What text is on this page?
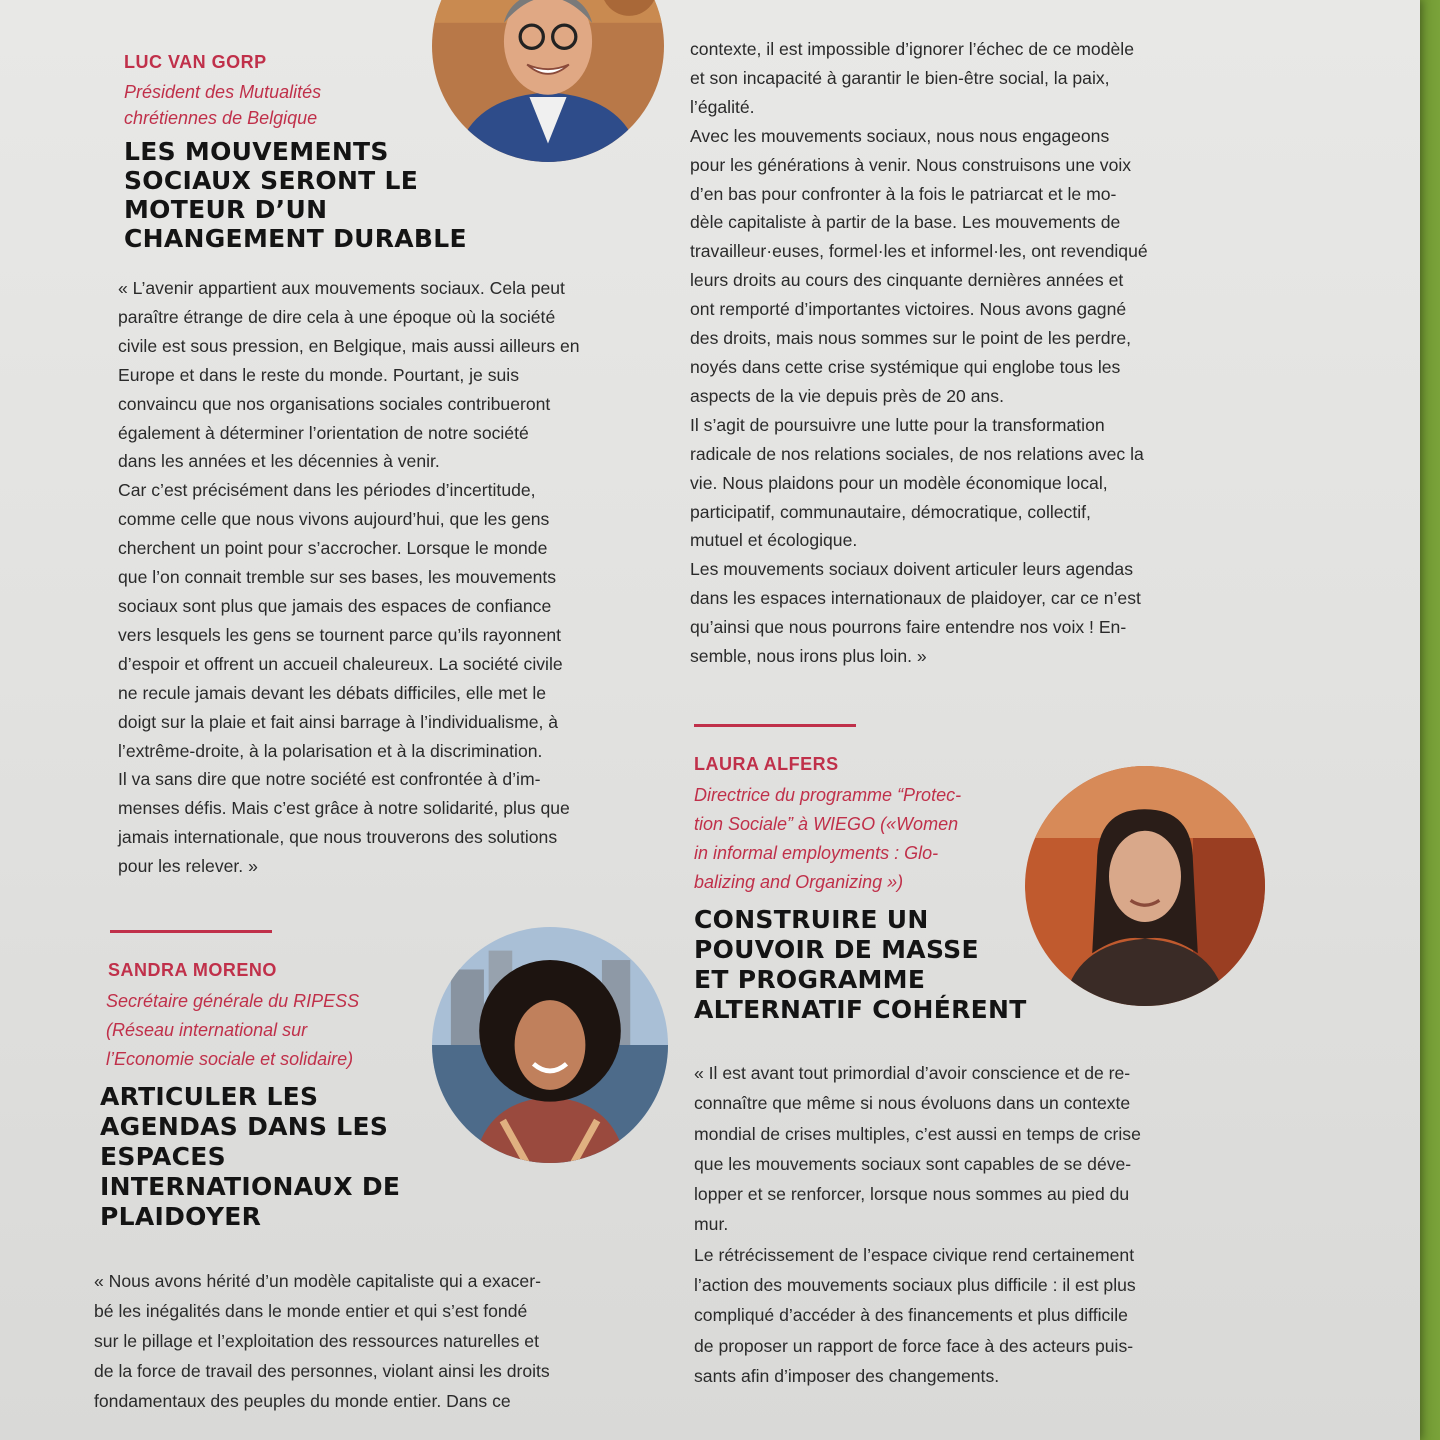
LUC VAN GORP

Président des Mutualités
chrétiennes de Belgique

LES MOUVEMENTS
SOCIAUX SERONT LE
MOTEUR D’UN
CHANGEMENT DURABLE

« L’avenir appartient aux mouvements sociaux. Cela peut
paraître étrange de dire cela à une époque où la société
civile est sous pression, en Belgique, mais aussi ailleurs en
Europe et dans le reste du monde. Pourtant, je suis
convaincu que nos organisations sociales contribueront
également à déterminer l’orientation de notre société
dans les années et les décennies à venir.
Car c’est précisément dans les périodes d’incertitude,
comme celle que nous vivons aujourd’hui, que les gens
cherchent un point pour s’accrocher. Lorsque le monde
que l’on connait tremble sur ses bases, les mouvements
sociaux sont plus que jamais des espaces de confiance
vers lesquels les gens se tournent parce qu’ils rayonnent
d’espoir et offrent un accueil chaleureux. La société civile
ne recule jamais devant les débats difficiles, elle met le
doigt sur la plaie et fait ainsi barrage à l’individualisme, à
l’extrême-droite, à la polarisation et à la discrimination.
Il va sans dire que notre société est confrontée à d’im-
menses défis. Mais c’est grâce à notre solidarité, plus que
jamais internationale, que nous trouverons des solutions
pour les relever. »

SANDRA MORENO

Secrétaire générale du RIPESS
(Réseau international sur
l’Economie sociale et solidaire)

ARTICULER LES
AGENDAS DANS LES
ESPACES
INTERNATIONAUX DE
PLAIDOYER

« Nous avons hérité d’un modèle capitaliste qui a exacer-
bé les inégalités dans le monde entier et qui s’est fondé
sur le pillage et l’exploitation des ressources naturelles et
de la force de travail des personnes, violant ainsi les droits
fondamentaux des peuples du monde entier. Dans ce

contexte, il est impossible d’ignorer l’échec de ce modèle
et son incapacité à garantir le bien-être social, la paix,
l’égalité.
Avec les mouvements sociaux, nous nous engageons
pour les générations à venir. Nous construisons une voix
d’en bas pour confronter à la fois le patriarcat et le mo-
dèle capitaliste à partir de la base. Les mouvements de
travailleur·euses, formel·les et informel·les, ont revendiqué
leurs droits au cours des cinquante dernières années et
ont remporté d’importantes victoires. Nous avons gagné
des droits, mais nous sommes sur le point de les perdre,
noyés dans cette crise systémique qui englobe tous les
aspects de la vie depuis près de 20 ans.
Il s’agit de poursuivre une lutte pour la transformation
radicale de nos relations sociales, de nos relations avec la
vie. Nous plaidons pour un modèle économique local,
participatif, communautaire, démocratique, collectif,
mutuel et écologique.
Les mouvements sociaux doivent articuler leurs agendas
dans les espaces internationaux de plaidoyer, car ce n’est
qu’ainsi que nous pourrons faire entendre nos voix ! En-
semble, nous irons plus loin. »

LAURA ALFERS

Directrice du programme “Protec-
tion Sociale” à WIEGO («Women
in informal employments : Glo-
balizing and Organizing »)

CONSTRUIRE UN
POUVOIR DE MASSE
ET PROGRAMME
ALTERNATIF COHÉRENT

« Il est avant tout primordial d’avoir conscience et de re-
connaître que même si nous évoluons dans un contexte
mondial de crises multiples, c’est aussi en temps de crise
que les mouvements sociaux sont capables de se déve-
lopper et se renforcer, lorsque nous sommes au pied du
mur.
Le rétrécissement de l’espace civique rend certainement
l’action des mouvements sociaux plus difficile : il est plus
compliqué d’accéder à des financements et plus difficile
de proposer un rapport de force face à des acteurs puis-
sants afin d’imposer des changements.
